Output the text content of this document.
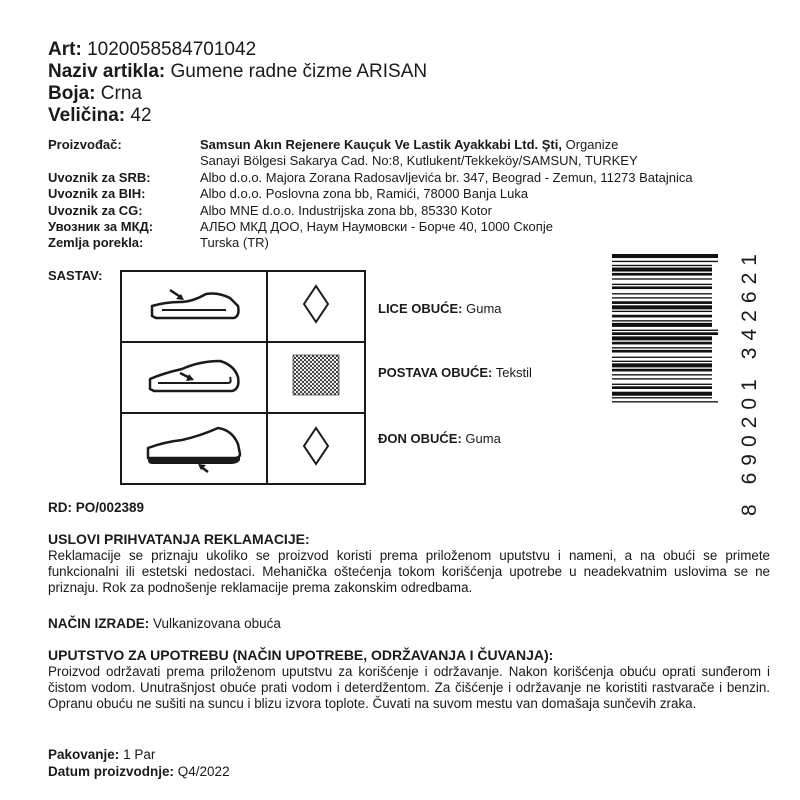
Art: 1020058584701042
Naziv artikla: Gumene radne čizme ARISAN
Boja: Crna
Veličina: 42
Proizvođač:	Samsun Akın Rejenere Kauçuk Ve Lastik Ayakkabi Ltd. Şti, Organize
Sanayi Bölgesi Sakarya Cad. No:8, Kutlukent/Tekkeköy/SAMSUN, TURKEY
Uvoznik za SRB:	Albo d.o.o. Majora Zorana Radosavljevića br. 347, Beograd - Zemun, 11273 Batajnica
Uvoznik za BIH:	Albo d.o.o. Poslovna zona bb, Ramići, 78000 Banja Luka
Uvoznik za CG:	Albo MNE d.o.o. Industrijska zona bb, 85330 Kotor
Увозник за МКД:	АЛБО МКД ДОО, Наум Наумовски - Борче 40, 1000 Скопје
Zemlja porekla:	Turska (TR)
SASTAV:

LICE OBUĆE: Guma
POSTAVA OBUĆE: Tekstil
ĐON OBUĆE: Guma
8 690201 342621
RD: PO/002389
USLOVI PRIHVATANJA REKLAMACIJE:
Reklamacije se priznaju ukoliko se proizvod koristi prema priloženom uputstvu i nameni, a na obući se primete funkcionalni ili estetski nedostaci. Mehanička oštećenja tokom korišćenja upotrebe u neadekvatnim uslovima se ne priznaju. Rok za podnošenje reklamacije prema zakonskim odredbama.
NAČIN IZRADE: Vulkanizovana obuća
UPUTSTVO ZA UPOTREBU (NAČIN UPOTREBE, ODRŽAVANJA I ČUVANJA):
Proizvod održavati prema priloženom uputstvu za korišćenje i održavanje. Nakon korišćenja obuću oprati sunđerom i čistom vodom. Unutrašnjost obuće prati vodom i deterdžentom. Za čišćenje i održavanje ne koristiti rastvarače i benzin. Opranu obuću ne sušiti na suncu i blizu izvora toplote. Čuvati na suvom mestu van domašaja sunčevih zraka.
Pakovanje: 1 Par
Datum proizvodnje: Q4/2022
